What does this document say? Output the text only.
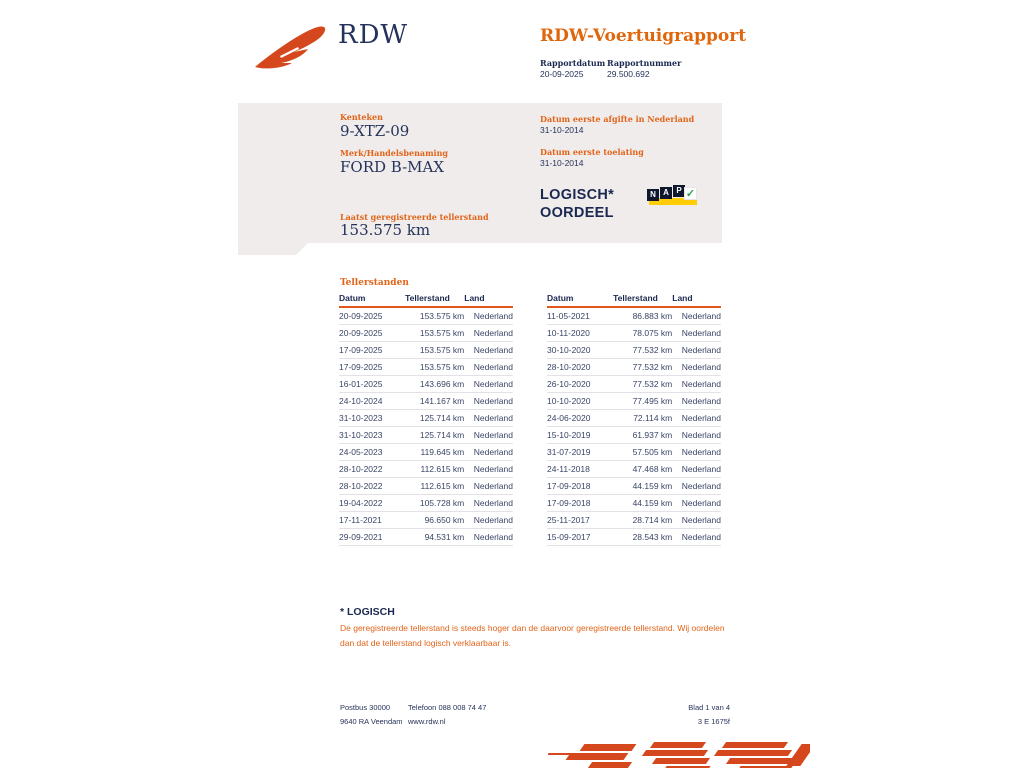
RDW	RDW-Voertuigrapport
Rapportdatum Rapportnummer
20-09-2025	29.500.692
Kenteken
9-XTZ-09
Merk/Handelsbenaming
FORD B-MAX
Laatst geregistreerde tellerstand
153.575 km
Datum eerste afgifte in Nederland
31-10-2014
Datum eerste toelating
31-10-2014
LOGISCH*
OORDEEL
N A P ✓
Tellerstanden
Datum	Tellerstand	Land
20-09-2025	153.575 km	Nederland
20-09-2025	153.575 km	Nederland
17-09-2025	153.575 km	Nederland
17-09-2025	153.575 km	Nederland
16-01-2025	143.696 km	Nederland
24-10-2024	141.167 km	Nederland
31-10-2023	125.714 km	Nederland
31-10-2023	125.714 km	Nederland
24-05-2023	119.645 km	Nederland
28-10-2022	112.615 km	Nederland
28-10-2022	112.615 km	Nederland
19-04-2022	105.728 km	Nederland
17-11-2021	96.650 km	Nederland
29-09-2021	94.531 km	Nederland
Datum	Tellerstand	Land
11-05-2021	86.883 km	Nederland
10-11-2020	78.075 km	Nederland
30-10-2020	77.532 km	Nederland
28-10-2020	77.532 km	Nederland
26-10-2020	77.532 km	Nederland
10-10-2020	77.495 km	Nederland
24-06-2020	72.114 km	Nederland
15-10-2019	61.937 km	Nederland
31-07-2019	57.505 km	Nederland
24-11-2018	47.468 km	Nederland
17-09-2018	44.159 km	Nederland
17-09-2018	44.159 km	Nederland
25-11-2017	28.714 km	Nederland
15-09-2017	28.543 km	Nederland
* LOGISCH
De geregistreerde tellerstand is steeds hoger dan de daarvoor geregistreerde tellerstand. Wij oordelen dan dat de tellerstand logisch verklaarbaar is.
Postbus 30000
9640 RA Veendam
Telefoon 088 008 74 47
www.rdw.nl
Blad 1 van 4
3 E 1675f
